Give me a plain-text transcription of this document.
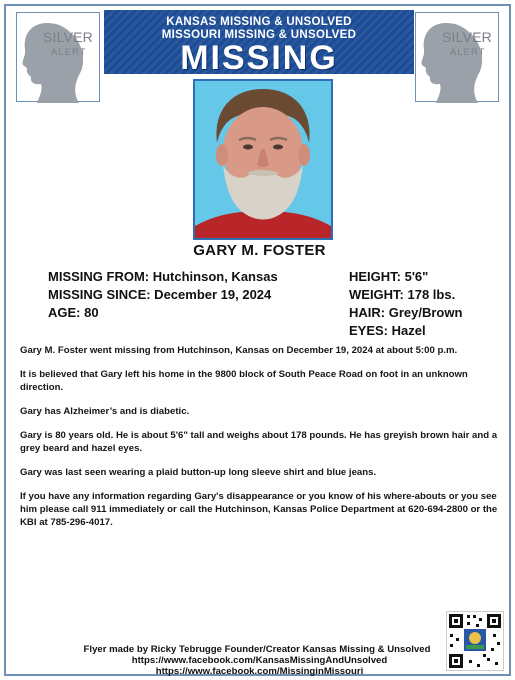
SILVER
ALERT
KANSAS MISSING & UNSOLVED
MISSOURI MISSING & UNSOLVED
MISSING
SILVER
ALERT
GARY M. FOSTER
MISSING FROM: Hutchinson, Kansas
MISSING SINCE: December 19, 2024
AGE: 80
HEIGHT: 5'6"
WEIGHT: 178 lbs.
HAIR: Grey/Brown
EYES: Hazel

Gary M. Foster went missing from Hutchinson, Kansas on December 19, 2024 at about 5:00 p.m.

It is believed that Gary left his home in the 9800 block of South Peace Road on foot in an unknown direction.

Gary has Alzheimer’s and is diabetic.

Gary is 80 years old. He is about 5'6" tall and weighs about 178 pounds. He has greyish brown hair and a grey beard and hazel eyes.

Gary was last seen wearing a plaid button-up long sleeve shirt and blue jeans.

If you have any information regarding Gary's disappearance or you know of his where-abouts or you see him please call 911 immediately or call the Hutchinson, Kansas Police Department at 620-694-2800 or the KBI at 785-296-4017.

Flyer made by Ricky Tebrugge Founder/Creator Kansas Missing & Unsolved
https://www.facebook.com/KansasMissingAndUnsolved
https://www.facebook.com/MissinginMissouri
